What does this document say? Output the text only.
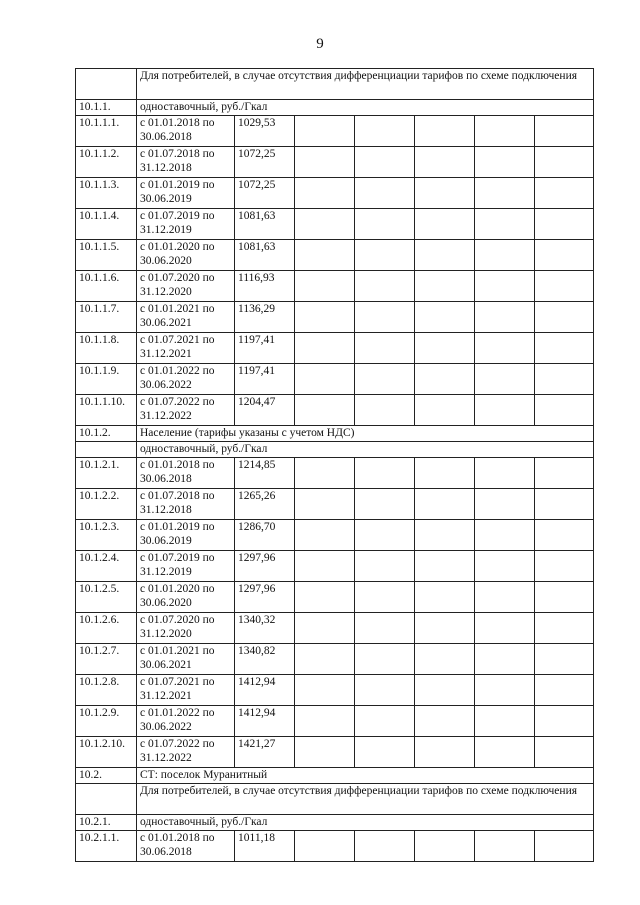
9
	Для потребителей, в случае отсутствия дифференциации тарифов по схеме подключения						
10.1.1.	одноставочный, руб./Гкал						
10.1.1.1.	с 01.01.2018 по 30.06.2018	1029,53					
10.1.1.2.	с 01.07.2018 по 31.12.2018	1072,25					
10.1.1.3.	с 01.01.2019 по 30.06.2019	1072,25					
10.1.1.4.	с 01.07.2019 по 31.12.2019	1081,63					
10.1.1.5.	с 01.01.2020 по 30.06.2020	1081,63					
10.1.1.6.	с 01.07.2020 по 31.12.2020	1116,93					
10.1.1.7.	с 01.01.2021 по 30.06.2021	1136,29					
10.1.1.8.	с 01.07.2021 по 31.12.2021	1197,41					
10.1.1.9.	с 01.01.2022 по 30.06.2022	1197,41					
10.1.1.10.	с 01.07.2022 по 31.12.2022	1204,47					
10.1.2.	Население (тарифы указаны с учетом НДС)						
	одноставочный, руб./Гкал						
10.1.2.1.	с 01.01.2018 по 30.06.2018	1214,85					
10.1.2.2.	с 01.07.2018 по 31.12.2018	1265,26					
10.1.2.3.	с 01.01.2019 по 30.06.2019	1286,70					
10.1.2.4.	с 01.07.2019 по 31.12.2019	1297,96					
10.1.2.5.	с 01.01.2020 по 30.06.2020	1297,96					
10.1.2.6.	с 01.07.2020 по 31.12.2020	1340,32					
10.1.2.7.	с 01.01.2021 по 30.06.2021	1340,82					
10.1.2.8.	с 01.07.2021 по 31.12.2021	1412,94					
10.1.2.9.	с 01.01.2022 по 30.06.2022	1412,94					
10.1.2.10.	с 01.07.2022 по 31.12.2022	1421,27					
10.2.	СТ: поселок Муранитный						
	Для потребителей, в случае отсутствия дифференциации тарифов по схеме подключения						
10.2.1.	одноставочный, руб./Гкал						
10.2.1.1.	с 01.01.2018 по 30.06.2018	1011,18					
